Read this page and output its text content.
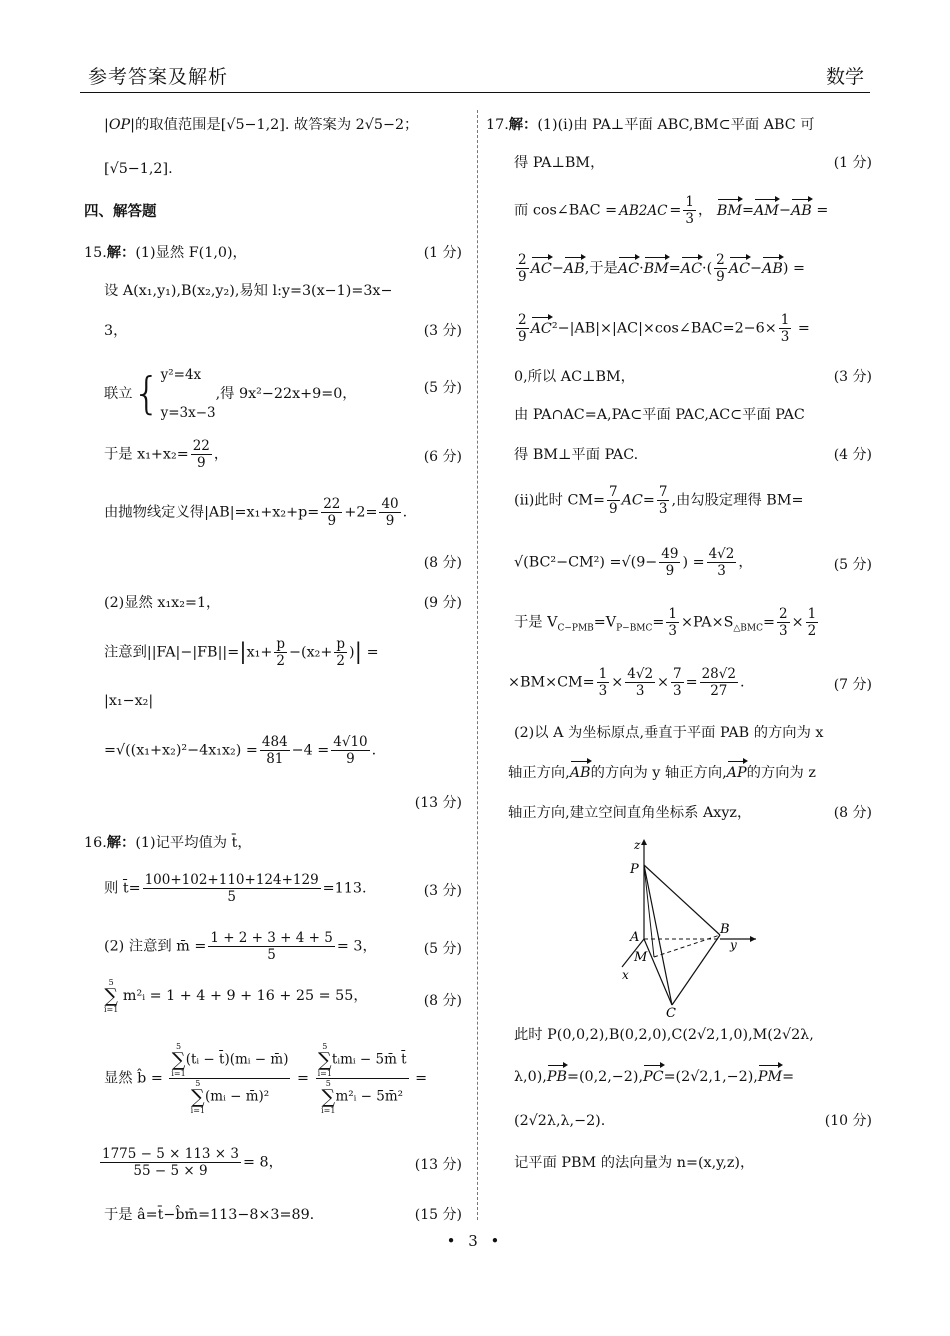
参考答案及解析	数学
|OP|的取值范围是[√5−1,2]. 故答案为 2√5−2；
[√5−1,2].
四、解答题
15.解：(1)显然 F(1,0)，	(1 分)
设 A(x₁,y₁),B(x₂,y₂),易知 l:y=3(x−1)=3x−
3，	(3 分)
联立{ y²=4x
y=3x−3
,得 9x²−22x+9=0，	(5 分)
于是 $x_1+x_2= \frac{22}{9}$ ，	(6 分)
由抛物线定义得$|AB|=x_1+x_2+p= \frac{22}{9} +2= \frac{40}{9}$ .
(8 分)
(2)显然 x₁x₂=1，	(9 分)
注意到$||FA|-|FB||=|x_1+ \frac{p}{2} -(x_2+ \frac{p}{2}$ )| =
|x₁−x₂|
$=√((x_1+x_2)^2-4x_1x_2) = \frac{484}{81} -4 = \frac{4√10}{9}$ .
(13 分)
16.解：(1)记平均值为 t̄，
则 t̄= $\frac{100+102+110+124+129}{5} =113$.	(3 分)
(2) 注意到 m̄ = $\frac{1 + 2 + 3 + 4 + 5}{5} = 3$，	(5 分)
5
∑
i=1 m²ᵢ = 1 + 4 + 9 + 16 + 25 = 55，	(8 分)
显然 b̂ = 5
∑
i=1(tᵢ − t̄)(mᵢ − m̄)
5
∑
i=1(mᵢ − m̄)² = 5
∑
i=1tᵢmᵢ − 5m̄ t̄
5
∑
i=1m²ᵢ − 5m̄² =
$\frac{1775 - 5 \times 113 \times 3}{55 - 5 \times 9} = 8$，	(13 分)
于是 â=t̄−b̂m̄=113−8×3=89.	(15 分)
17.解：(1)(ⅰ)由 PA⊥平面 ABC,BM⊂平面 ABC 可
得 PA⊥BM，	(1 分)
而 cos∠BAC = $AB2AC = \frac{1}{3}$ ， BM=AM−AB =
$\frac{2}{9} AC-AB$,于是$AC\cdot BM=AC\cdot( \frac{2}{9} AC-AB)$ =
$\frac{2}{9}$ AC²−|AB|×|AC|×cos∠BAC=2−6× $\frac{1}{3}$ =
0,所以 AC⊥BM，	(3 分)
由 PA∩AC=A,PA⊂平面 PAC,AC⊂平面 PAC
得 BM⊥平面 PAC.	(4 分)
(ⅱ)此时 $CM= \frac{7}{9} AC= \frac{7}{3}$ ,由勾股定理得 BM=
$√(BC^2-CM^2) =√(9- \frac{49}{9}$ ) = $\frac{4√2}{3}$ ，	(5 分)
于是 $V_{C-PMB}=V_{P-BMC}= \frac{1}{3} \times PA\times S_{\triangle BMC}= \frac{2}{3} \times \frac{1}{2}$
$\times BM\times CM= \frac{1}{3} \times \frac{4√2}{3} \times \frac{7}{3} = \frac{28√2}{27}$ .	(7 分)
(2)以 A 为坐标原点,垂直于平面 PAB 的方向为 x
轴正方向,AB的方向为 y 轴正方向,AP的方向为 z
轴正方向,建立空间直角坐标系 Axyz，	(8 分)
z
P
A
B
y
M
x
C
此时 P(0,0,2),B(0,2,0),C(2√2,1,0),M(2√2λ,
λ,0),PB=(0,2,−2),PC=(2√2,1,−2),PM=
(2√2λ,λ,−2).	(10 分)
记平面 PBM 的法向量为 n=(x,y,z)，
• 3 •
